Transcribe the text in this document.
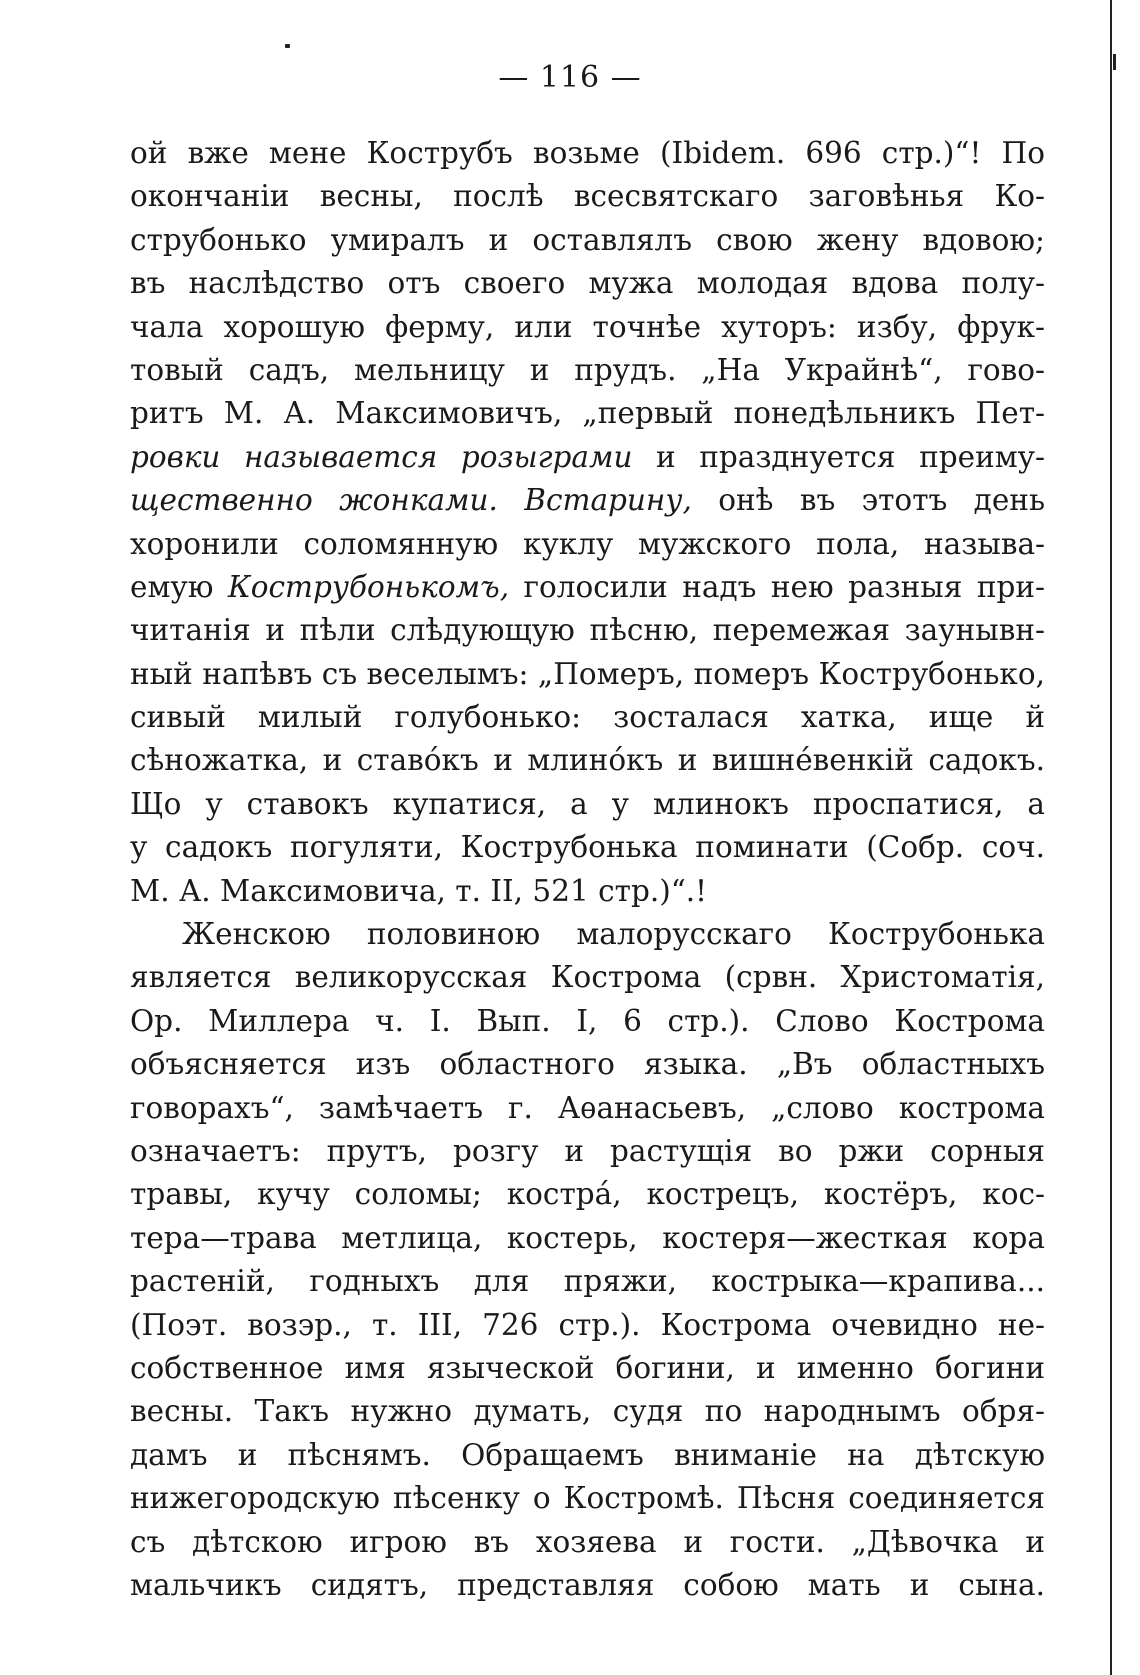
— 116 —
ой вже мене Кострубъ возьме (Ibidem. 696 стр.)“! По
окончанiи весны, послѣ всесвятскаго заговѣнья Ко-
струбонько умиралъ и оставлялъ свою жену вдовою;
въ наслѣдство отъ своего мужа молодая вдова полу-
чала хорошую ферму, или точнѣе хуторъ: избу, фрук-
товый садъ, мельницу и прудъ. „На Украйнѣ“, гово-
ритъ М. А. Максимовичъ, „первый понедѣльникъ Пет-
ровки называется розыграми и празднуется преиму-
щественно жонками. Встарину, онѣ въ этотъ день
хоронили соломянную куклу мужского пола, называ-
емую Кострубонькомъ, голосили надъ нею разныя при-
читанiя и пѣли слѣдующую пѣсню, перемежая заунывн-
ный напѣвъ съ веселымъ: „Померъ, померъ Кострубонько,
сивый милый голубонько: зосталася хатка, ище й
сѣножатка, и ставо́къ и млино́къ и вишне́венкiй садокъ.
Що у ставокъ купатися, а у млинокъ проспатися, а
у садокъ погуляти, Кострубонька поминати (Собр. соч.
М. А. Максимовича, т. II, 521 стр.)“.!
Женскою половиною малорусскаго Кострубонька
является великорусская Кострома (срвн. Христоматiя,
Ор. Миллера ч. I. Вып. I, 6 стр.). Слово Кострома
объясняется изъ областного языка. „Въ областныхъ
говорахъ“, замѣчаетъ г. Аѳанасьевъ, „слово кострома
означаетъ: прутъ, розгу и растущiя во ржи сорныя
травы, кучу соломы; костра́, кострецъ, костёръ, кос-
тера—трава метлица, костерь, костеря—жесткая кора
растенiй, годныхъ для пряжи, кострыка—крапива...
(Поэт. возэр., т. III, 726 стр.). Кострома очевидно не-
собственное имя языческой богини, и именно богини
весны. Такъ нужно думать, судя по народнымъ обря-
дамъ и пѣснямъ. Обращаемъ вниманiе на дѣтскую
нижегородскую пѣсенку о Костромѣ. Пѣсня соединяется
съ дѣтскою игрою въ хозяева и гости. „Дѣвочка и
мальчикъ сидятъ, представляя собою мать и сына.
